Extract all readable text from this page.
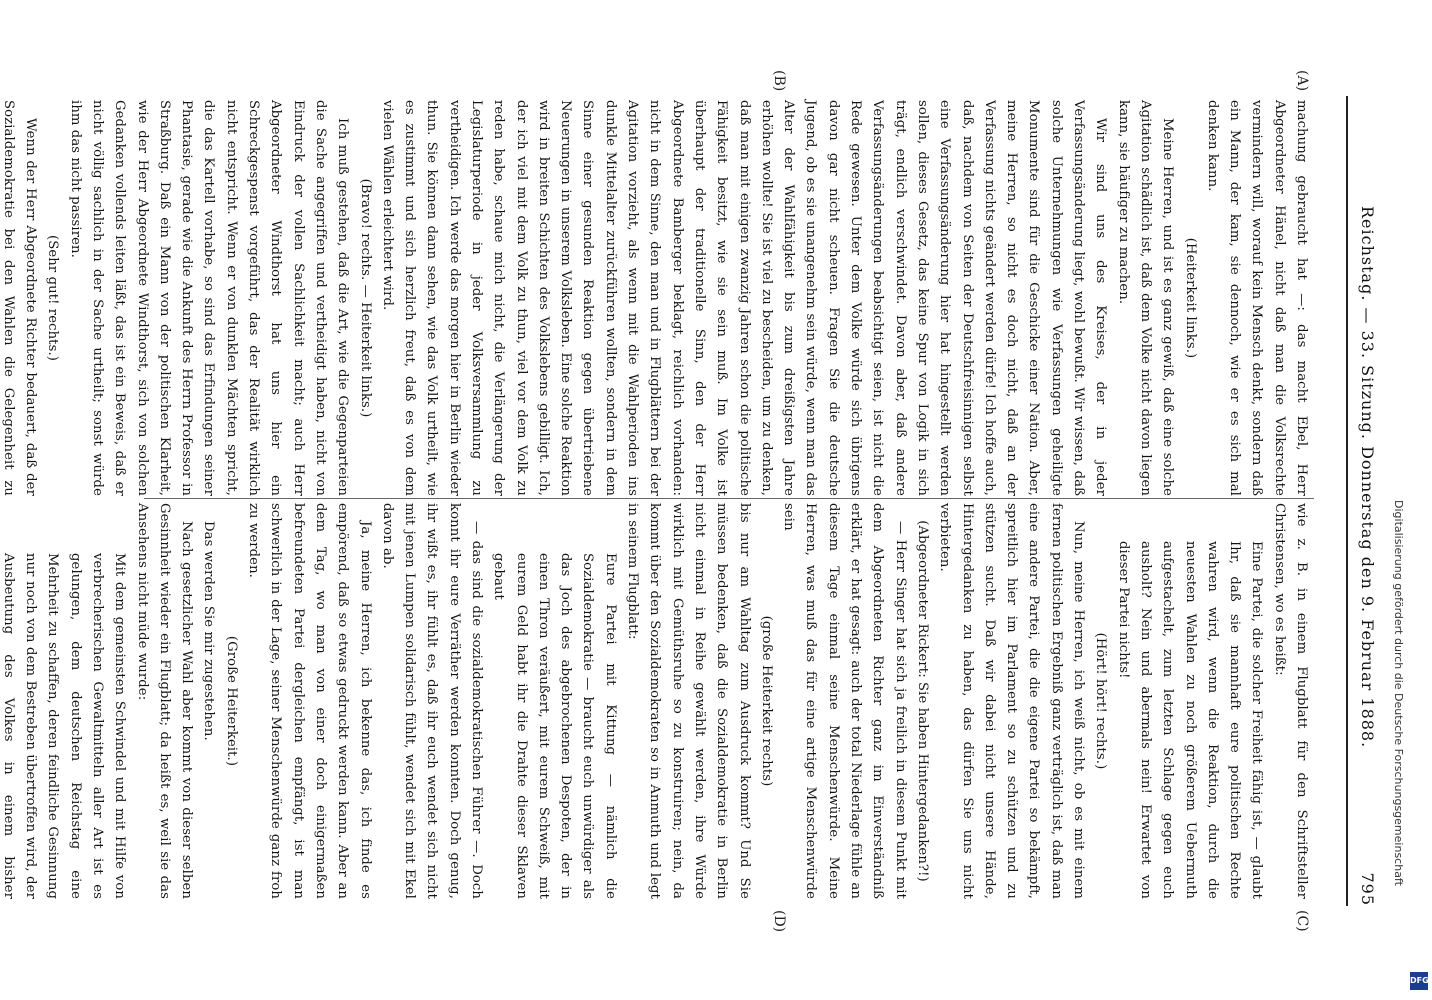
Reichstag. — 33. Sitzung. Donnerstag den 9. Februar 1888.
795
(A)
(B)
(C)
(D)

machung gebraucht hat —: das macht Ebel, Herr Abgeordneter Hänel, nicht daß man die Volksrechte vermindern will, worauf kein Mensch denkt, sondern daß ein Mann, der kam, sie dennoch, wie er es sich mal denken kann.

(Heiterkeit links.)

Meine Herren, und ist es ganz gewiß, daß eine solche Agitation schädlich ist, daß dem Volke nicht davon liegen kann, sie häufiger zu machen.

Wir sind uns des Kreises, der in jeder Verfassungsänderung liegt, wohl bewußt. Wir wissen, daß solche Unternehmungen wie Verfassungen geheiligte Monumente sind für die Geschicke einer Nation. Aber, meine Herren, so nicht es doch nicht, daß an der Verfassung nichts geändert werden dürfe! Ich hoffe auch, daß, nachdem von Seiten der Deutschfreisinnigen selbst eine Verfassungsänderung hier hat hingestellt werden sollen, dieses Gesetz, das keine Spur von Logik in sich trägt, endlich verschwindet. Davon aber, daß andere Verfassungsänderungen beabsichtigt seien, ist nicht die Rede gewesen. Unter dem Volke würde sich übrigens davon gar nicht scheuen. Fragen Sie die deutsche Jugend, ob es sie unangenehm sein würde, wenn man das Alter der Wahlfähigkeit bis zum dreißigsten Jahre erhöhen wollte! Sie ist viel zu bescheiden, um zu denken, daß man mit einigen zwanzig Jahren schon die politische Fähigkeit besitzt, wie sie sein muß. Im Volke ist überhaupt der traditionelle Sinn, den der Herr Abgeordnete Bamberger beklagt, reichlich vorhanden: nicht in dem Sinne, den man und in Flugblättern bei der Agitation vorzieht, als wenn mit die Wahlperioden ins dunkle Mittelalter zurückführen wollten, sondern in dem Sinne einer gesunden Reaktion gegen übertriebene Neuerungen in unserem Volksleben. Eine solche Reaktion wird in breiten Schichten des Volkslebens gebilligt. Ich, der ich viel mit dem Volk zu thun, viel vor dem Volk zu reden habe, schaue mich nicht, die Verlängerung der Legislaturperiode in jeder Volksversammlung zu vertheidigen. Ich werde das morgen hier in Berlin wieder thun. Sie können dann sehen, wie das Volk urtheilt, wie es zustimmt und sich herzlich freut, daß es von dem vielen Wählen erleichtert wird.

(Bravo! rechts. — Heiterkeit links.)

Ich muß gestehen, daß die Art, wie die Gegenparteien die Sache angegriffen und vertheidigt haben, nicht von Eindruck der vollen Sachlichkeit macht; auch Herr Abgeordneter Windthorst hat uns hier ein Schreckgespenst vorgeführt, das der Realität wirklich nicht entspricht. Wenn er von dunklen Mächten spricht, die das Kartell vorhabe, so sind das Erfindungen seiner Phantasie, gerade wie die Ankunft des Herrn Professor in Straßburg. Daß ein Mann von der politischen Klarheit, wie der Herr Abgeordnete Windthorst, sich von solchen Gedanken vollends leiten läßt, das ist ein Beweis, daß er nicht völlig sachlich in der Sache urtheilt; sonst würde ihm das nicht passiren.

(Sehr gut! rechts.)

Wenn der Herr Abgeordnete Richter bedauert, daß der Sozialdemokratie bei den Wahlen die Gelegenheit zu

wie z. B. in einem Flugblatt für den Schriftsteller Christensen, wo es heißt:

Eine Partei, die solcher Freiheit fähig ist, — glaubt Ihr, daß sie mannhaft eure politischen Rechte wahren wird, wenn die Reaktion, durch die neuesten Wahlen zu noch größerem Uebermuth aufgestachelt, zum letzten Schlage gegen euch ausholt? Nein und abermals nein! Erwartet von dieser Partei nichts!

(Hört! hört! rechts.)

Nun, meine Herren, ich weiß nicht, ob es mit einem fernen politischen Ergebniß ganz verträglich ist, daß man eine andere Partei, die die eigene Partei so bekämpft, spreitlich hier im Parlament so zu schützen und zu stützen sucht. Daß wir dabei nicht unsere Hände, Hintergedanken zu haben, das dürfen Sie uns nicht verbieten.

(Abgeordneter Rickert: Sie haben Hintergedanken?!)

— Herr Singer hat sich ja freilich in diesem Punkt mit dem Abgeordneten Richter ganz im Einverständniß erklärt, er hat gesagt: auch der total Niederlage fühle an diesem Tage einmal seine Menschenwürde. Meine Herren, was muß das für eine artige Menschenwürde sein

(große Heiterkeit rechts)

bis nur am Wahltag zum Ausdruck kommt? Und Sie müssen bedenken, daß die Sozialdemokratie in Berlin nicht einmal in Reihe gewählt werden, ihre Würde wirklich mit Gemüthsruhe so zu konstruiren; nein, da kommt über den Sozialdemokraten so in Anmuth und legt in seinem Flugblatt:

Eure Partei mit Kittung — nämlich die Sozialdemokratie — braucht euch unwürdiger als das Joch des abgebrochenen Despoten, der in einen Thron veräußert, mit eurem Schweiß, mit eurem Geld habt ihr die Drahte dieser Sklaven gebaut

— das sind die sozialdemokratischen Führer —. Doch konnt ihr eure Verräther werden konnten. Doch genug, ihr wißt es, ihr fühlt es, daß ihr euch wendet sich nicht mit jenen Lumpen solidarisch fühlt, wendet sich mit Ekel davon ab.

Ja, meine Herren, ich bekenne das, ich finde es empörend, daß so etwas gedruckt werden kann. Aber an dem Tag, wo man von einer doch einigermaßen befreundeten Partei dergleichen empfängt, ist man schwerlich in der Lage, seiner Menschenwürde ganz froh zu werden.

(Große Heiterkeit.)

Das werden Sie mir zugestehen.

Nach gesetzlicher Wahl aber kommt von dieser selben Gesinnheit wieder ein Flugblatt; da heißt es, weil sie das Ansehens nicht müde wurde:

Mit dem gemeinsten Schwindel und mit Hilfe von verbrecherischen Gewaltmitteln aller Art ist es gelungen, dem deutschen Reichstag eine Mehrheit zu schaffen, deren feindliche Gesinnung nur noch von dem Bestreben übertroffen wird, der Ausbeutung des Volkes in einem bisher	Digitalisierung gefördert durch die Deutsche Forschungsgemeinschaft
DFG
